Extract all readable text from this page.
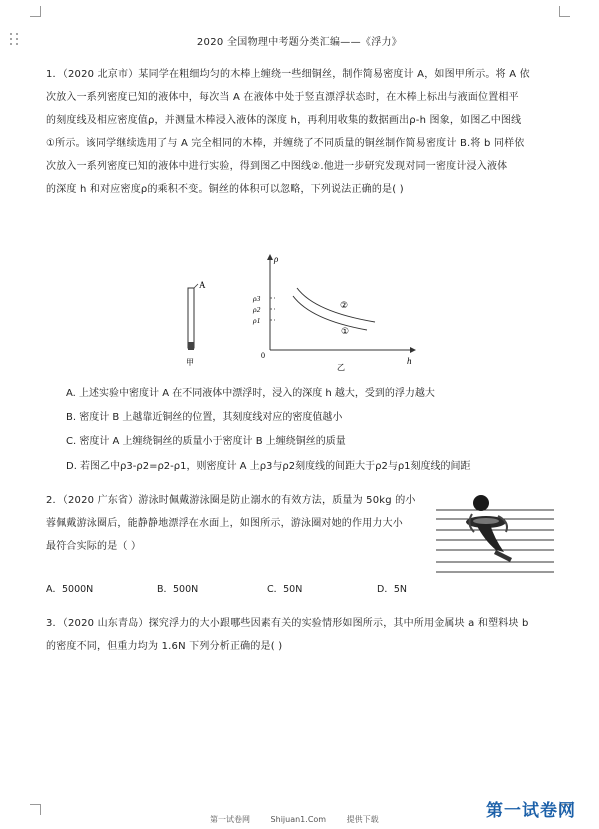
2020 全国物理中考题分类汇编——《浮力》
1．（2020 北京市）某同学在粗细均匀的木棒上缠绕一些细铜丝，制作简易密度计 A，如图甲所示。将 A 依
次放入一系列密度已知的液体中，每次当 A 在液体中处于竖直漂浮状态时，在木棒上标出与液面位置相平
的刻度线及相应密度值ρ，并测量木棒浸入液体的深度 h，再利用收集的数据画出ρ-h 图象，如图乙中图线
①所示。该同学继续选用了与 A 完全相同的木棒，并缠绕了不同质量的铜丝制作简易密度计 B.将 b 同样依
次放入一系列密度已知的液体中进行实验，得到图乙中图线②.他进一步研究发现对同一密度计浸入液体
的深度 h 和对应密度ρ的乘积不变。铜丝的体积可以忽略，下列说法正确的是( )
A
甲
ρ
h
0
ρ3
ρ2
ρ1
②
①
乙
A. 上述实验中密度计 A 在不同液体中漂浮时，浸入的深度 h 越大，受到的浮力越大
B. 密度计 B 上越靠近铜丝的位置，其刻度线对应的密度值越小
C. 密度计 A 上缠绕铜丝的质量小于密度计 B 上缠绕铜丝的质量
D. 若图乙中ρ3-ρ2=ρ2-ρ1，则密度计 A 上ρ3与ρ2刻度线的间距大于ρ2与ρ1刻度线的间距
2．（2020 广东省）游泳时佩戴游泳圈是防止溺水的有效方法，质量为 50kg 的小
蓉佩戴游泳圈后，能静静地漂浮在水面上，如图所示，游泳圈对她的作用力大小
最符合实际的是（ ）
A．5000N	B．500N	C．50N	D．5N
3．（2020 山东青岛）探究浮力的大小跟哪些因素有关的实验情形如图所示，其中所用金属块 a 和塑料块 b
的密度不同，但重力均为 1.6N 下列分析正确的是( )
第一试卷网	Shijuan1.Com	提供下载	第一试卷网
